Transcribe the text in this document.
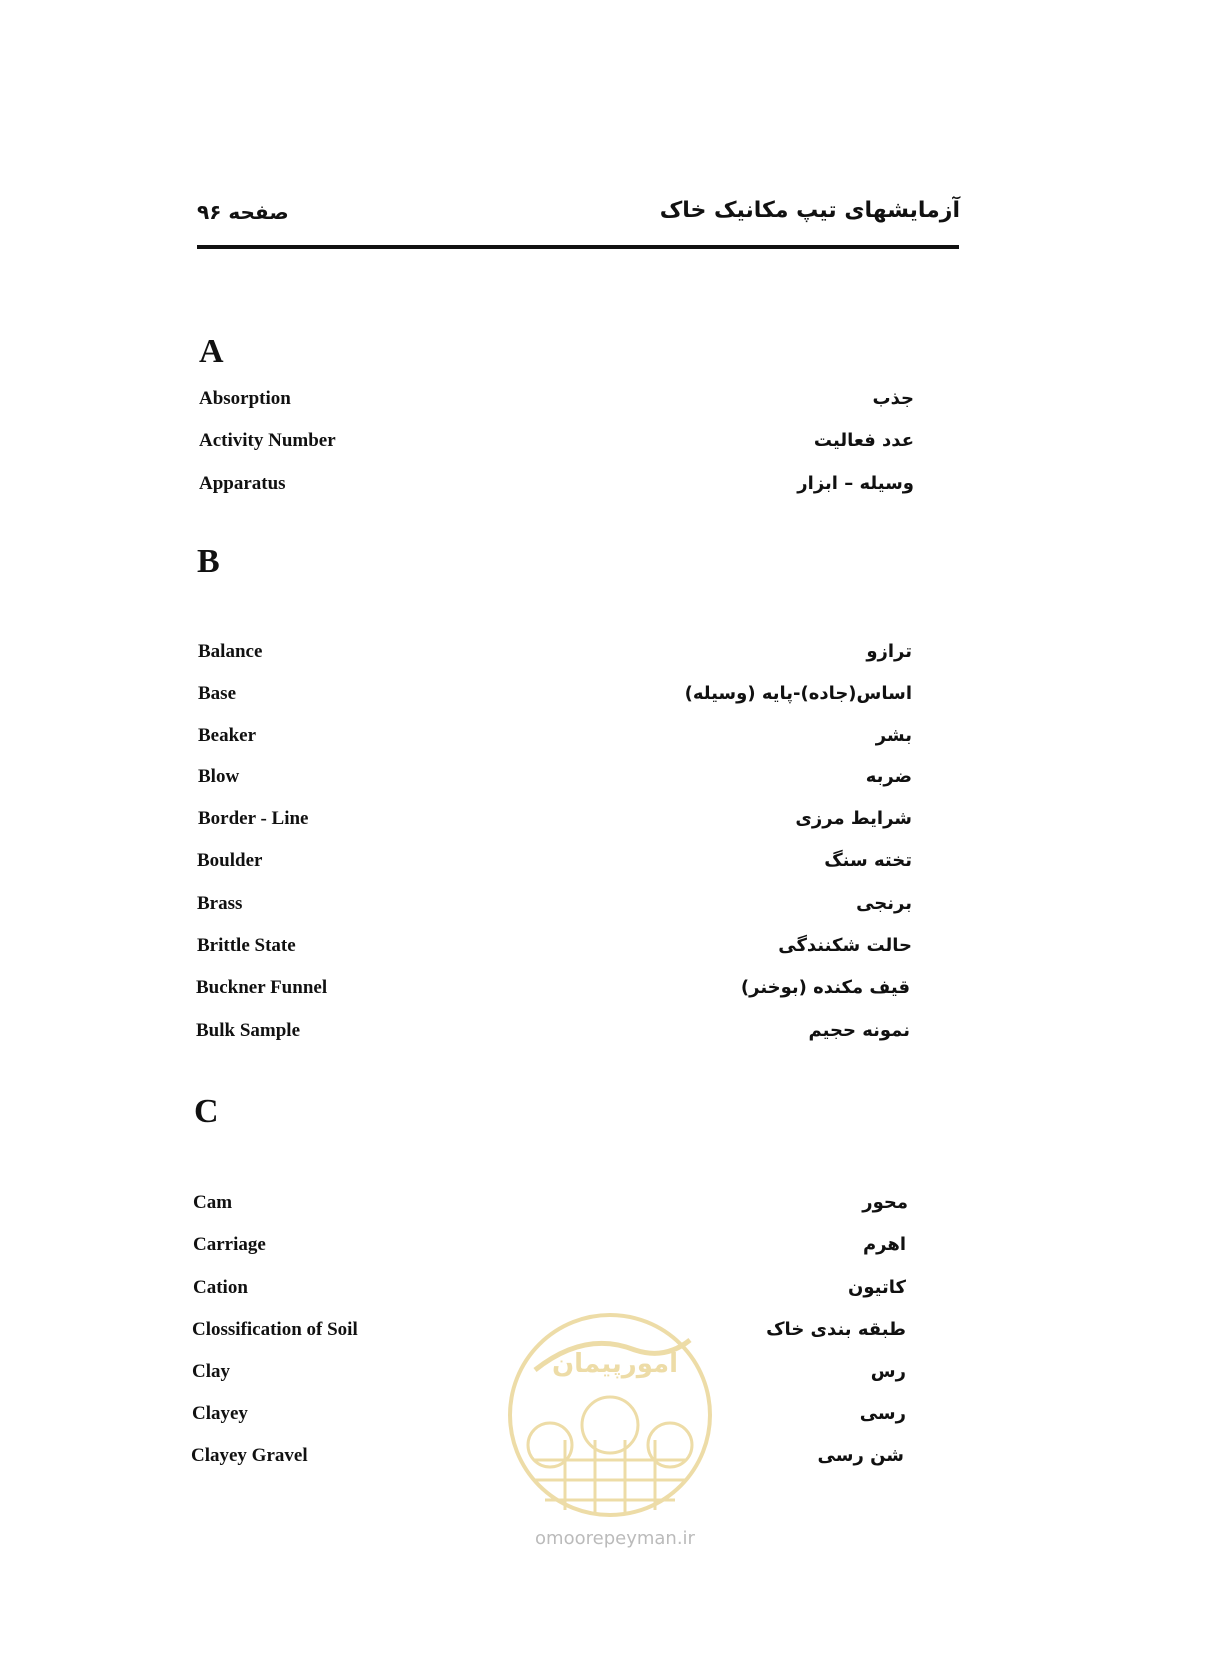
صفحه ۹۶	آزمایشهای تیپ مکانیک خاک
A
Absorption	جذب
Activity Number	عدد فعالیت
Apparatus	وسیله – ابزار
B
Balance	ترازو
Base	اساس(جاده)-پایه (وسیله)
Beaker	بشر
Blow	ضربه
Border - Line	شرایط مرزی
Boulder	تخته سنگ
Brass	برنجی
Brittle State	حالت شکنندگی
Buckner Funnel	قیف مکنده (بوخنر)
Bulk Sample	نمونه حجیم
C
Cam	محور
Carriage	اهرم
Cation	کاتیون
Clossification of Soil	طبقه بندی خاک
Clay	رس
Clayey	رسی
Clayey Gravel	شن رسی
امورپیمان
omoorepeyman.ir
